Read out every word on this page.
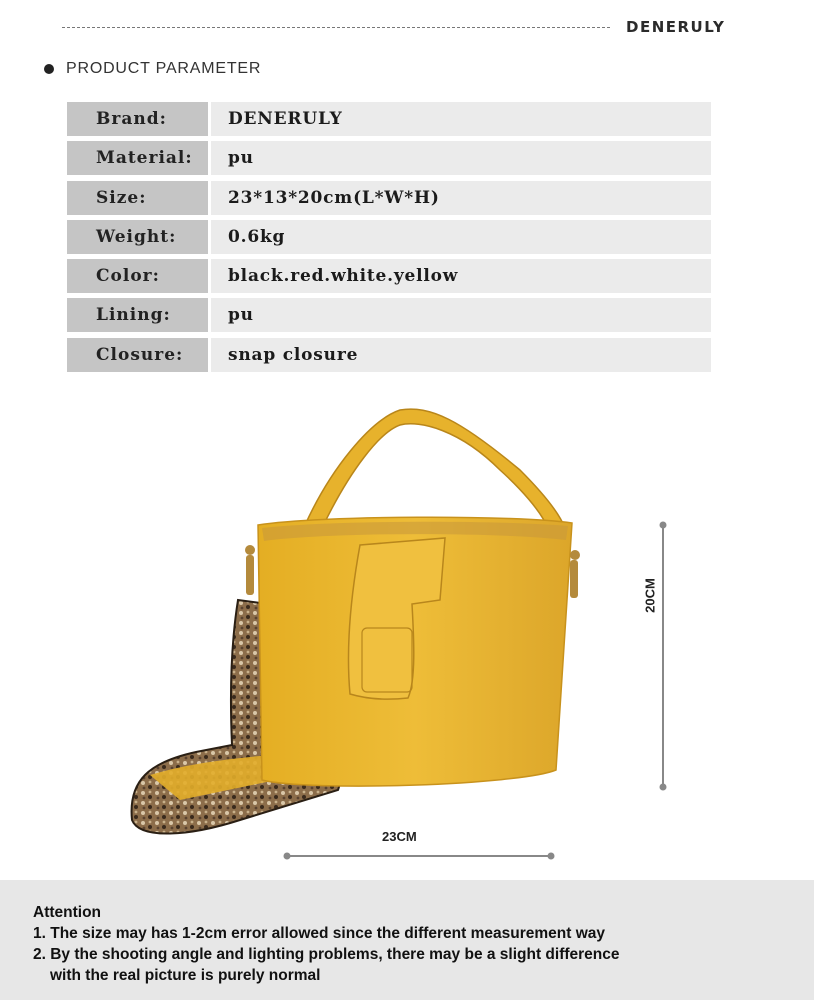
DENERULY
PRODUCT PARAMETER
Brand:	DENERULY
Material:	pu
Size:	23*13*20cm(L*W*H)
Weight:	0.6kg
Color:	black.red.white.yellow
Lining:	pu
Closure:	snap closure
23CM
20CM
Attention
1. The size may has 1-2cm error allowed since the different measurement way
2. By the shooting angle and lighting problems, there may be a slight difference
with the real picture is purely normal
